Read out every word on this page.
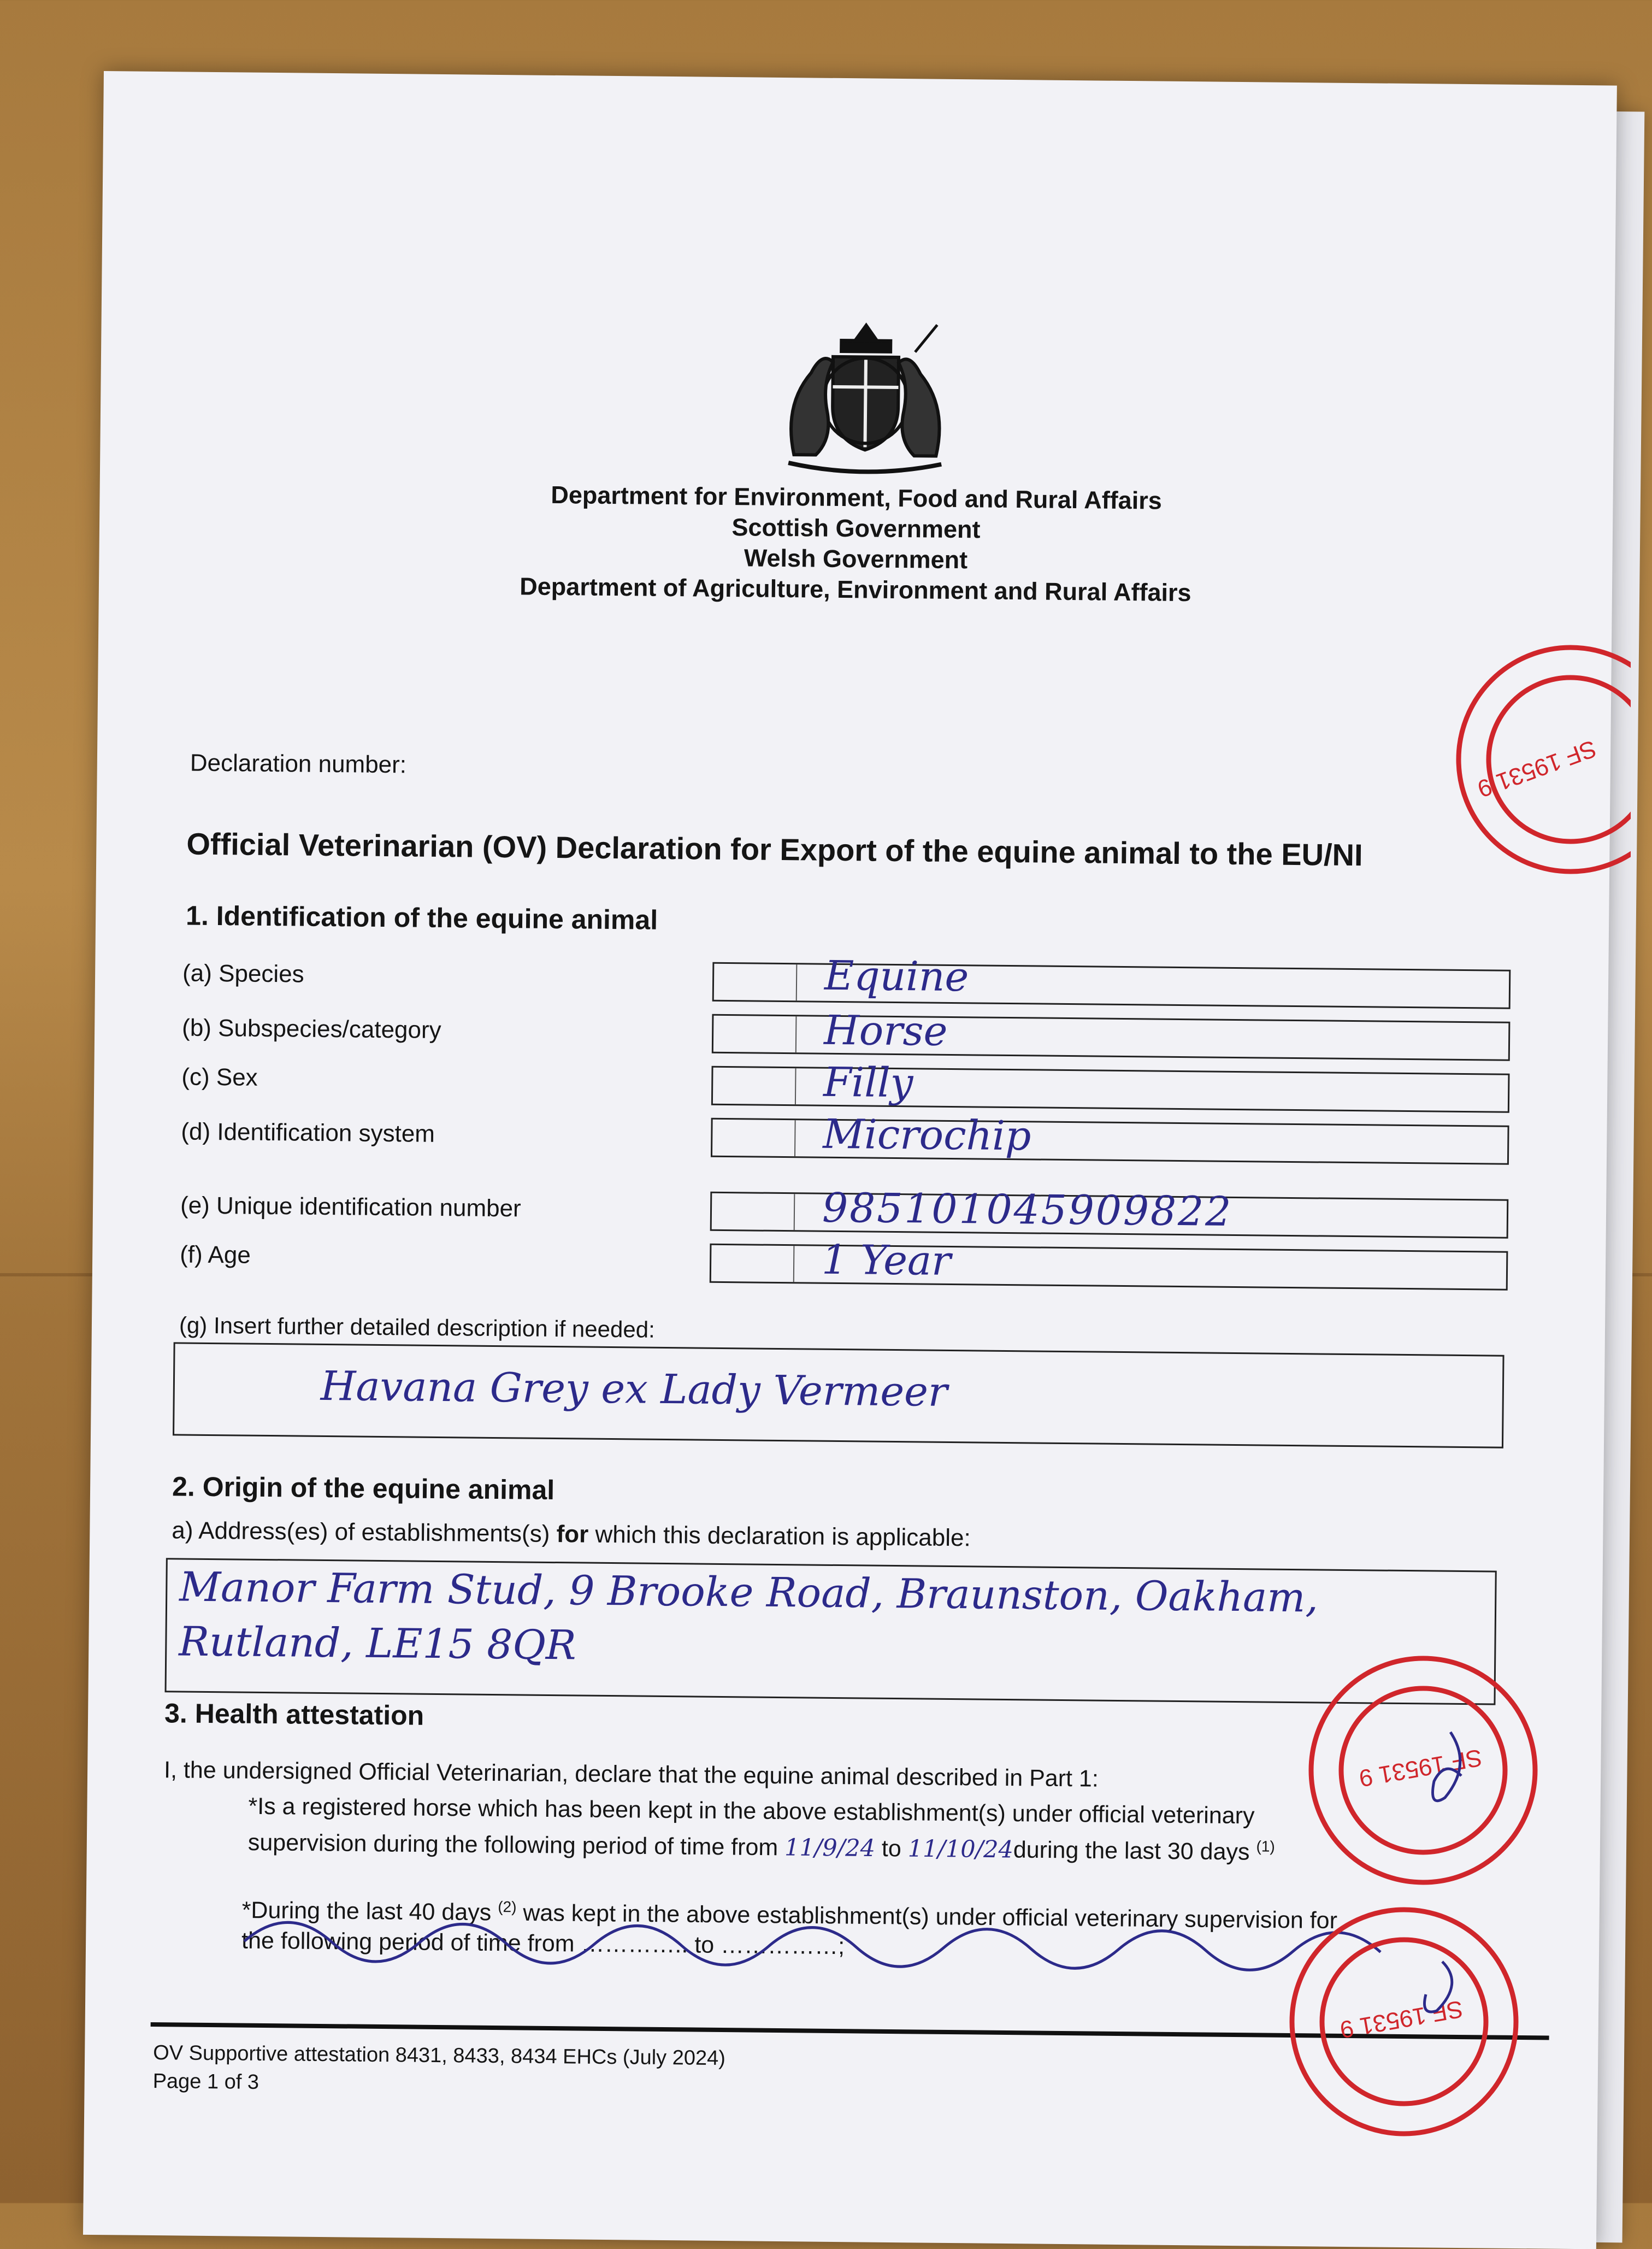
Department for Environment, Food and Rural Affairs
Scottish Government
Welsh Government
Department of Agriculture, Environment and Rural Affairs
Declaration number:
Official Veterinarian (OV) Declaration for Export of the equine animal to the EU/NI
1. Identification of the equine animal
(a) Species	Equine
(b) Subspecies/category	Horse
(c) Sex	Filly
(d) Identification system	Microchip
(e) Unique identification number	985101045909822
(f) Age	1 Year
(g) Insert further detailed description if needed:
Havana Grey ex Lady Vermeer
2. Origin of the equine animal
a) Address(es) of establishments(s) for which this declaration is applicable:
Manor Farm Stud, 9 Brooke Road, Braunston, Oakham,
Rutland, LE15 8QR
3. Health attestation
I, the undersigned Official Veterinarian, declare that the equine animal described in Part 1:
*Is a registered horse which has been kept in the above establishment(s) under official veterinary
supervision during the following period of time from 11/9/24 to 11/10/24during the last 30 days $^{(1)}$
*During the last 40 days $^{(2)}$ was kept in the above establishment(s) under official veterinary supervision for
the following period of time from ………….. to ……………;
OV Supportive attestation 8431, 8433, 8434 EHCs (July 2024)
Page 1 of 3
SF 19531 9
SF 19531 9
SF 19531 9
